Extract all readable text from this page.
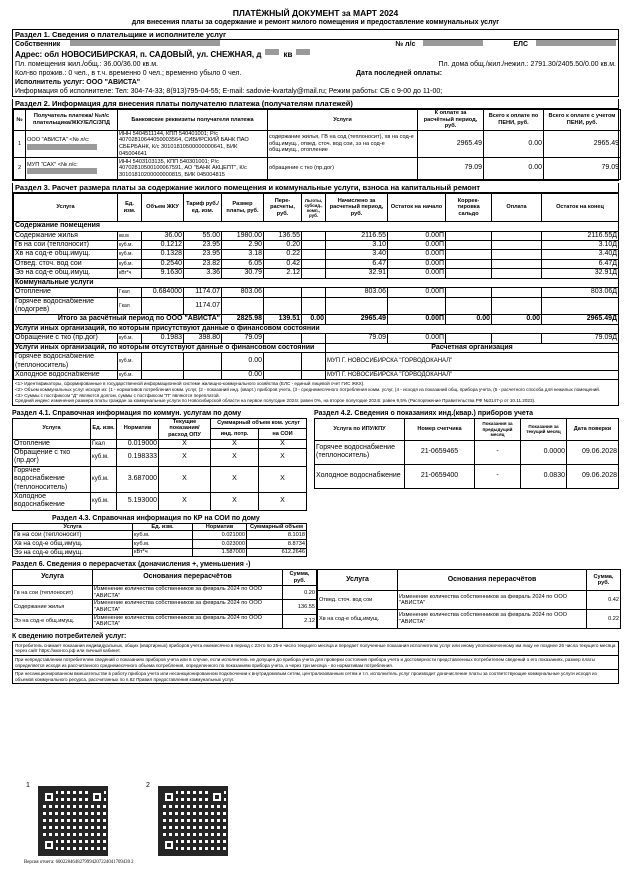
ПЛАТЁЖНЫЙ ДОКУМЕНТ за МАРТ 2024
для внесения платы за содержание и ремонт жилого помещения и предоставление коммунальных услуг
Раздел 1. Сведения о плательщике и исполнителе услуг
Собственник	№ л/с	ЕЛС
Адрес: обл НОВОСИБИРСКАЯ, п. САДОВЫЙ, ул. СНЕЖНАЯ, д	кв
Пл. помещения жил./общ.: 36.00/36.00 кв.м.	Пл. дома общ./жил./нежил.: 2791.30/2405.50/0.00 кв.м.
Кол-во прожив.: 0 чел., в т.ч. временно 0 чел.; временно убыло 0 чел.	Дата последней оплаты:
Исполнитель услуг: ООО "АВИСТА"
Информация об исполнителе: Тел: 304-74-33; 8(913)795-04-55; E-mail: sadovie-kvartaly@mail.ru; Режим работы: СБ с 9-00 до 11-00;
Раздел 2. Информация для внесения платы получателю платежа (получателям платежей)
№	Получатель платежа/ №л/с плательщика/ЖКУ/ЕЛС/ЗПД	Банковские реквизиты получателя платежа	Услуги	К оплате за расчётный период, руб.	Всего к оплате по ПЕНИ, руб.	Всего к оплате с учетом ПЕНИ, руб.
1	ООО "АВИСТА" <№ л/с:	ИНН 5404511144, КПП 540401001; Р/с 40702810644050003564, СИБИРСКИЙ БАНК ПАО СБЕРБАНК, К/с 30101810500000000641, БИК 045004641	содержание жилья, ГВ на сод (теплоносит), хв на сод-е общ.имущ., отвед. сточ. вод сои, ээ на сод-е общ.имущ., отопление	2965.49	0.00	2965.49
2	МУП "САХ" <№ л/с:	ИНН 5403103135, КПП 540301001; Р/с 40702810500100067591, АО "БАНК АКЦЕПТ", К/с 30101810200000000815, БИК 045004815	обращение с тко (пр.дог)	79.09	0.00	79.09
Раздел 3. Расчет размера платы за содержание жилого помещения и коммунальные услуги, взноса на капитальный ремонт
Услуга	Ед. изм.	Объем ЖКУ	Тариф руб./ ед. изм.	Размер платы, руб.	Пере-расчеты, руб.	Льготы, субсид., комп., руб.	Начислено за расчетный период, руб.	Остаток на начало	Коррек-тировка сальдо	Оплата	Остаток на конец
Содержание помещения											
Содержание жилья	кв.м	36.00	55.00	1980.00	136.55		2116.55	0.00П			2116.55Д
Гв на сои (теплоносит)	куб.м.	0.1212	23.95	2.90	0.20		3.10	0.00П			3.10Д
Хв на сод-е общ.имущ.	куб.м.	0.1328	23.95	3.18	0.22		3.40	0.00П			3.40Д
Отвед. сточ. вод сои	куб.м.	0.2540	23.82	6.05	0.42		6.47	0.00П			6.47Д
Ээ на сод-е общ.имущ.	кВт*ч	9.1630	3.36	30.79	2.12		32.91	0.00П			32.91Д
Коммунальные услуги											
Отопление	Гкал	0.684000	1174.07	803.06			803.06	0.00П			803.06Д
Горячее водоснабжение (подогрев)	Гкал		1174.07								
Итого за расчётный период по ООО "АВИСТА"				2825.98	139.51	0.00	2965.49	0.00П	0.00	0.00	2965.49Д
Услуги иных организаций, по которым присутствуют данные о финансовом состоянии											
Обращение с тко (пр.дог)	куб.м.	0.1983	398.80	79.09			79.09	0.00П			79.09Д
Услуги иных организаций, по которым отсутствуют данные о финансовом состоянии							Расчетная организация				
Горячее водоснабжение (теплоноситель)	куб.м.			0.00			МУП Г. НОВОСИБИРСКА "ГОРВОДОКАНАЛ"				
Холодное водоснабжение	куб.м.			0.00			МУП Г. НОВОСИБИРСКА "ГОРВОДОКАНАЛ"				
<1> Идентификаторы, сформированные в государственной информационной системе жилищно-коммунального хозяйства (ЕЛС - единый лицевой счет ГИС ЖКХ).
<2> Объем коммунальных услуг исходя из: (1 - нормативов потребления комм. услуг, (2 - показаний инд. (кварт.) приборов учета, (3 - среднемесячного потребления комм. услуг, (4 - исходя из показаний общ. прибора учета, (5 - расчетного способа для нежилых помещений.
<3> Суммы с постфиксом "Д" являются долгом, суммы с постфиксом "П" являются переплатой.
Средний индекс изменения размера платы граждан за коммунальные услуги по Новосибирской области на первое полугодие 2024г. равен 0%, на второе полугодие 2024г. равен 9,5% (Распоряжение Правительства РФ №3147-р от 10.11.2023).
Раздел 4.1. Справочная информация по коммун. услугам по дому
Услуга	Ед. изм.	Норматив	Текущие показания/ расход ОПУ	Суммарный объем ком. услуг	
				инд. потр.	на СОИ
Отопление	Гкал	0.019000	X	X	X
Обращение с тко (пр.дог)	куб.м.	0.198333	X	X	X
Горячее водоснабжение (теплоноситель)	куб.м.	3.687000	X	X	X
Холодное водоснабжение	куб.м.	5.193000	X	X	X
Раздел 4.2. Сведения о показаниях инд.(квар.) приборов учета
Услуга по ИПУ/КПУ	Номер счетчика	Показания за предыдущий месяц	Показания за текущий месяц	Дата поверки
Горячее водоснабжение (теплоноситель)	21-0659465	-	0.0000	09.06.2028
Холодное водоснабжение	21-0659400	-	0.0830	09.06.2028
Раздел 4.3. Справочная информация по КР на СОИ по дому
Услуга	Ед. изм.	Норматив	Суммарный объем
Гв на сои (теплоносит)	куб.м.	0.021000	8.1018
Хв на сод-е общ.имущ.	куб.м.	0.023000	8.8734
Ээ на сод-е общ.имущ.	кВт*ч	1.587000	612.2646
Раздел 6. Сведения о перерасчетах (доначисления +, уменьшения -)
Услуга	Основания перерасчётов	Сумма, руб.
Гв на сои (теплоносит)	Изменение количества собственников за февраль 2024 по ООО "АВИСТА"	0.20
Содержание жилья	Изменение количества собственников за февраль 2024 по ООО "АВИСТА"	136.55
Ээ на сод-е общ.имущ.	Изменение количества собственников за февраль 2024 по ООО "АВИСТА"	2.12
Услуга	Основания перерасчётов	Сумма, руб.
Отвед. сточ. вод сои	Изменение количества собственников за февраль 2024 по ООО "АВИСТА"	0.42
Хв на сод-е общ.имущ.	Изменение количества собственников за февраль 2024 по ООО "АВИСТА"	0.22
К сведению потребителей услуг:
Потребитель снимает показания индивидуальных, общих (квартирных) приборов учета ежемесячно в период с 23-го по 25-е число текущего месяца и передает полученные показания исполнителю услуг или иному уполномоченному им лицу не позднее 26 числа текущего месяца через сайт https://жкхнсо.рф или личный кабинет.
При непредставлении потребителем сведений о показаниях приборов учета или в случае, если исполнитель не допущен до прибора учета для проверки состояния прибора учета и достоверности представленных потребителем сведений о его показаниях, размер платы определяется исходя из рассчитанного среднемесячного объема потребления, определенного по показаниям прибора учета, а через три месяца - по нормативам потребления.
При несанкционированном вмешательстве в работу прибора учета или несанкционированном подключении к внутридомовым сетям, централизованным сетям и т.п. исполнитель услуг производит доначисление платы за соответствующие коммунальные услуги исходя из объемов коммунального ресурса, рассчитанных по п.62 Правил предоставления коммунальных услуг.
1	2
Версия отчета: 6002284648279994207224041709430 2
